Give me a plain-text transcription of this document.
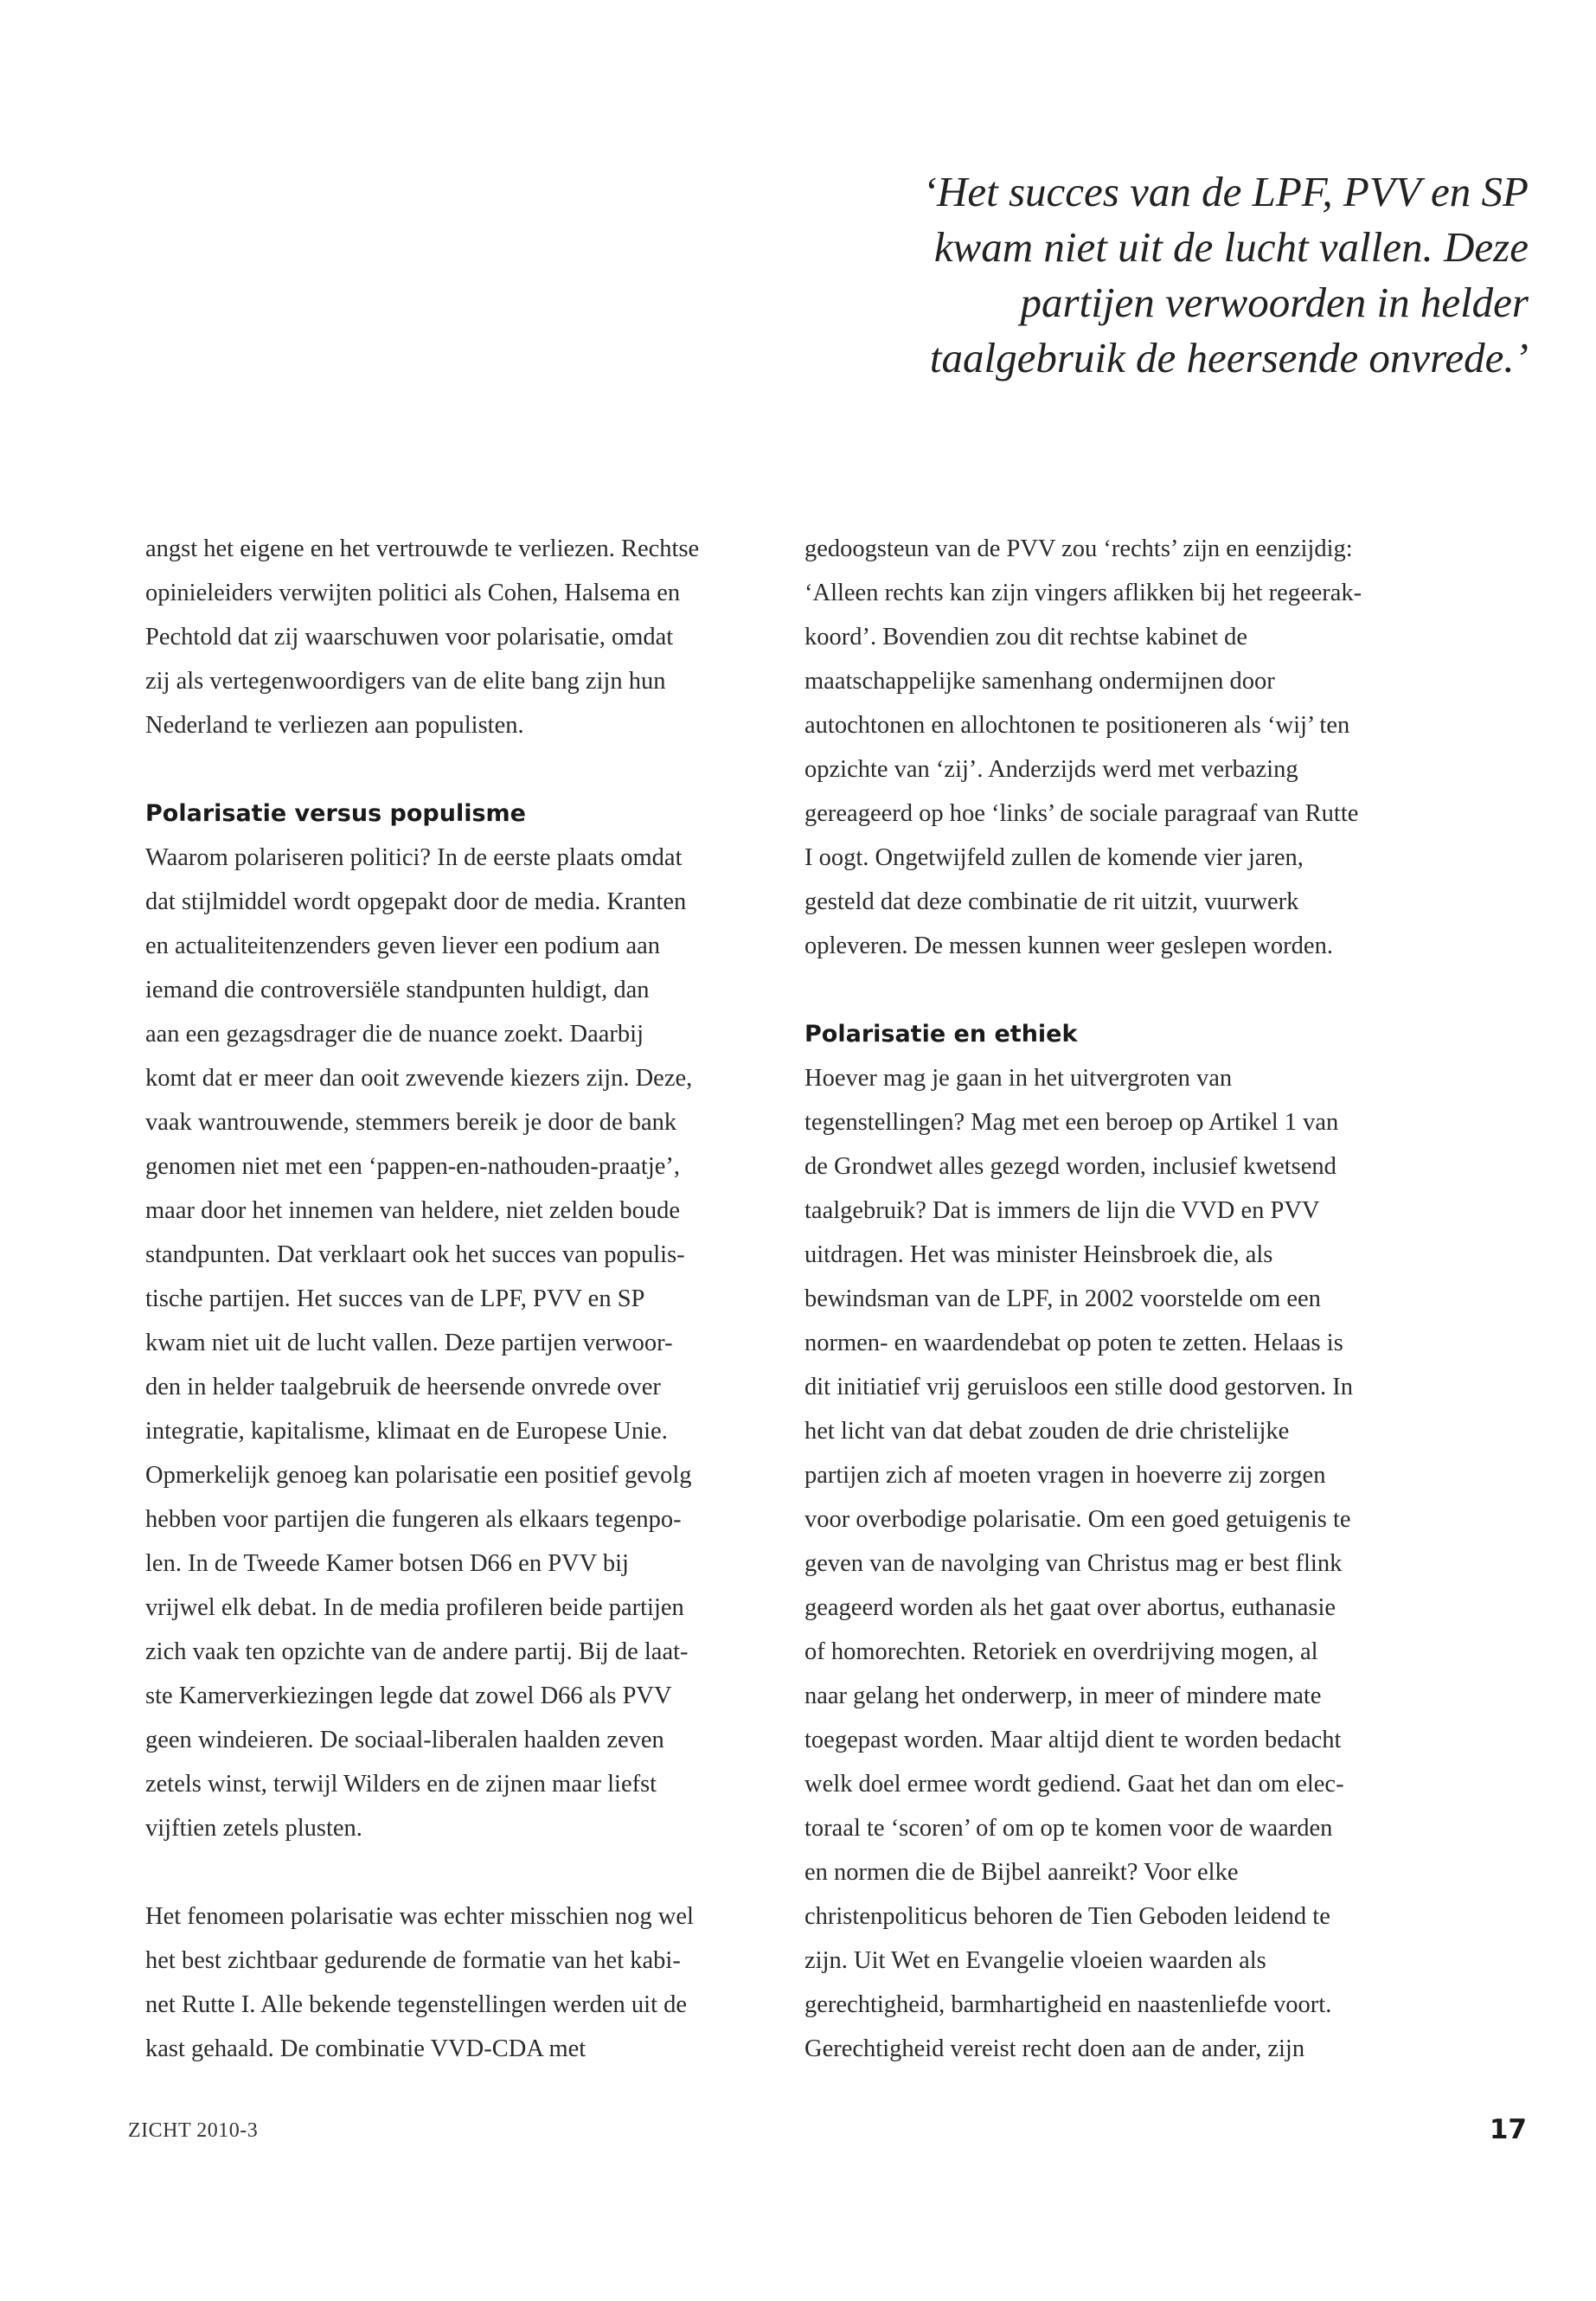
‘Het succes van de LPF, PVV en SP
kwam niet uit de lucht vallen. Deze
partijen verwoorden in helder
taalgebruik de heersende onvrede.’
angst het eigene en het vertrouwde te verliezen. Rechtse
opinieleiders verwijten politici als Cohen, Halsema en
Pechtold dat zij waarschuwen voor polarisatie, omdat
zij als vertegenwoordigers van de elite bang zijn hun
Nederland te verliezen aan populisten.
Polarisatie versus populisme
Waarom polariseren politici? In de eerste plaats omdat
dat stijlmiddel wordt opgepakt door de media. Kranten
en actualiteitenzenders geven liever een podium aan
iemand die controversiële standpunten huldigt, dan
aan een gezagsdrager die de nuance zoekt. Daarbij
komt dat er meer dan ooit zwevende kiezers zijn. Deze,
vaak wantrouwende, stemmers bereik je door de bank
genomen niet met een ‘pappen-en-nathouden-praatje’,
maar door het innemen van heldere, niet zelden boude
standpunten. Dat verklaart ook het succes van populis-
tische partijen. Het succes van de LPF, PVV en SP
kwam niet uit de lucht vallen. Deze partijen verwoor-
den in helder taalgebruik de heersende onvrede over
integratie, kapitalisme, klimaat en de Europese Unie.
Opmerkelijk genoeg kan polarisatie een positief gevolg
hebben voor partijen die fungeren als elkaars tegenpo-
len. In de Tweede Kamer botsen D66 en PVV bij
vrijwel elk debat. In de media profileren beide partijen
zich vaak ten opzichte van de andere partij. Bij de laat-
ste Kamerverkiezingen legde dat zowel D66 als PVV
geen windeieren. De sociaal-liberalen haalden zeven
zetels winst, terwijl Wilders en de zijnen maar liefst
vijftien zetels plusten.
Het fenomeen polarisatie was echter misschien nog wel
het best zichtbaar gedurende de formatie van het kabi-
net Rutte I. Alle bekende tegenstellingen werden uit de
kast gehaald. De combinatie VVD-CDA met
gedoogsteun van de PVV zou ‘rechts’ zijn en eenzijdig:
‘Alleen rechts kan zijn vingers aflikken bij het regeerak-
koord’. Bovendien zou dit rechtse kabinet de
maatschappelijke samenhang ondermijnen door
autochtonen en allochtonen te positioneren als ‘wij’ ten
opzichte van ‘zij’. Anderzijds werd met verbazing
gereageerd op hoe ‘links’ de sociale paragraaf van Rutte
I oogt. Ongetwijfeld zullen de komende vier jaren,
gesteld dat deze combinatie de rit uitzit, vuurwerk
opleveren. De messen kunnen weer geslepen worden.
Polarisatie en ethiek
Hoever mag je gaan in het uitvergroten van
tegenstellingen? Mag met een beroep op Artikel 1 van
de Grondwet alles gezegd worden, inclusief kwetsend
taalgebruik? Dat is immers de lijn die VVD en PVV
uitdragen. Het was minister Heinsbroek die, als
bewindsman van de LPF, in 2002 voorstelde om een
normen- en waardendebat op poten te zetten. Helaas is
dit initiatief vrij geruisloos een stille dood gestorven. In
het licht van dat debat zouden de drie christelijke
partijen zich af moeten vragen in hoeverre zij zorgen
voor overbodige polarisatie. Om een goed getuigenis te
geven van de navolging van Christus mag er best flink
geageerd worden als het gaat over abortus, euthanasie
of homorechten. Retoriek en overdrijving mogen, al
naar gelang het onderwerp, in meer of mindere mate
toegepast worden. Maar altijd dient te worden bedacht
welk doel ermee wordt gediend. Gaat het dan om elec-
toraal te ‘scoren’ of om op te komen voor de waarden
en normen die de Bijbel aanreikt? Voor elke
christenpoliticus behoren de Tien Geboden leidend te
zijn. Uit Wet en Evangelie vloeien waarden als
gerechtigheid, barmhartigheid en naastenliefde voort.
Gerechtigheid vereist recht doen aan de ander, zijn
ZICHT 2010-3	17
